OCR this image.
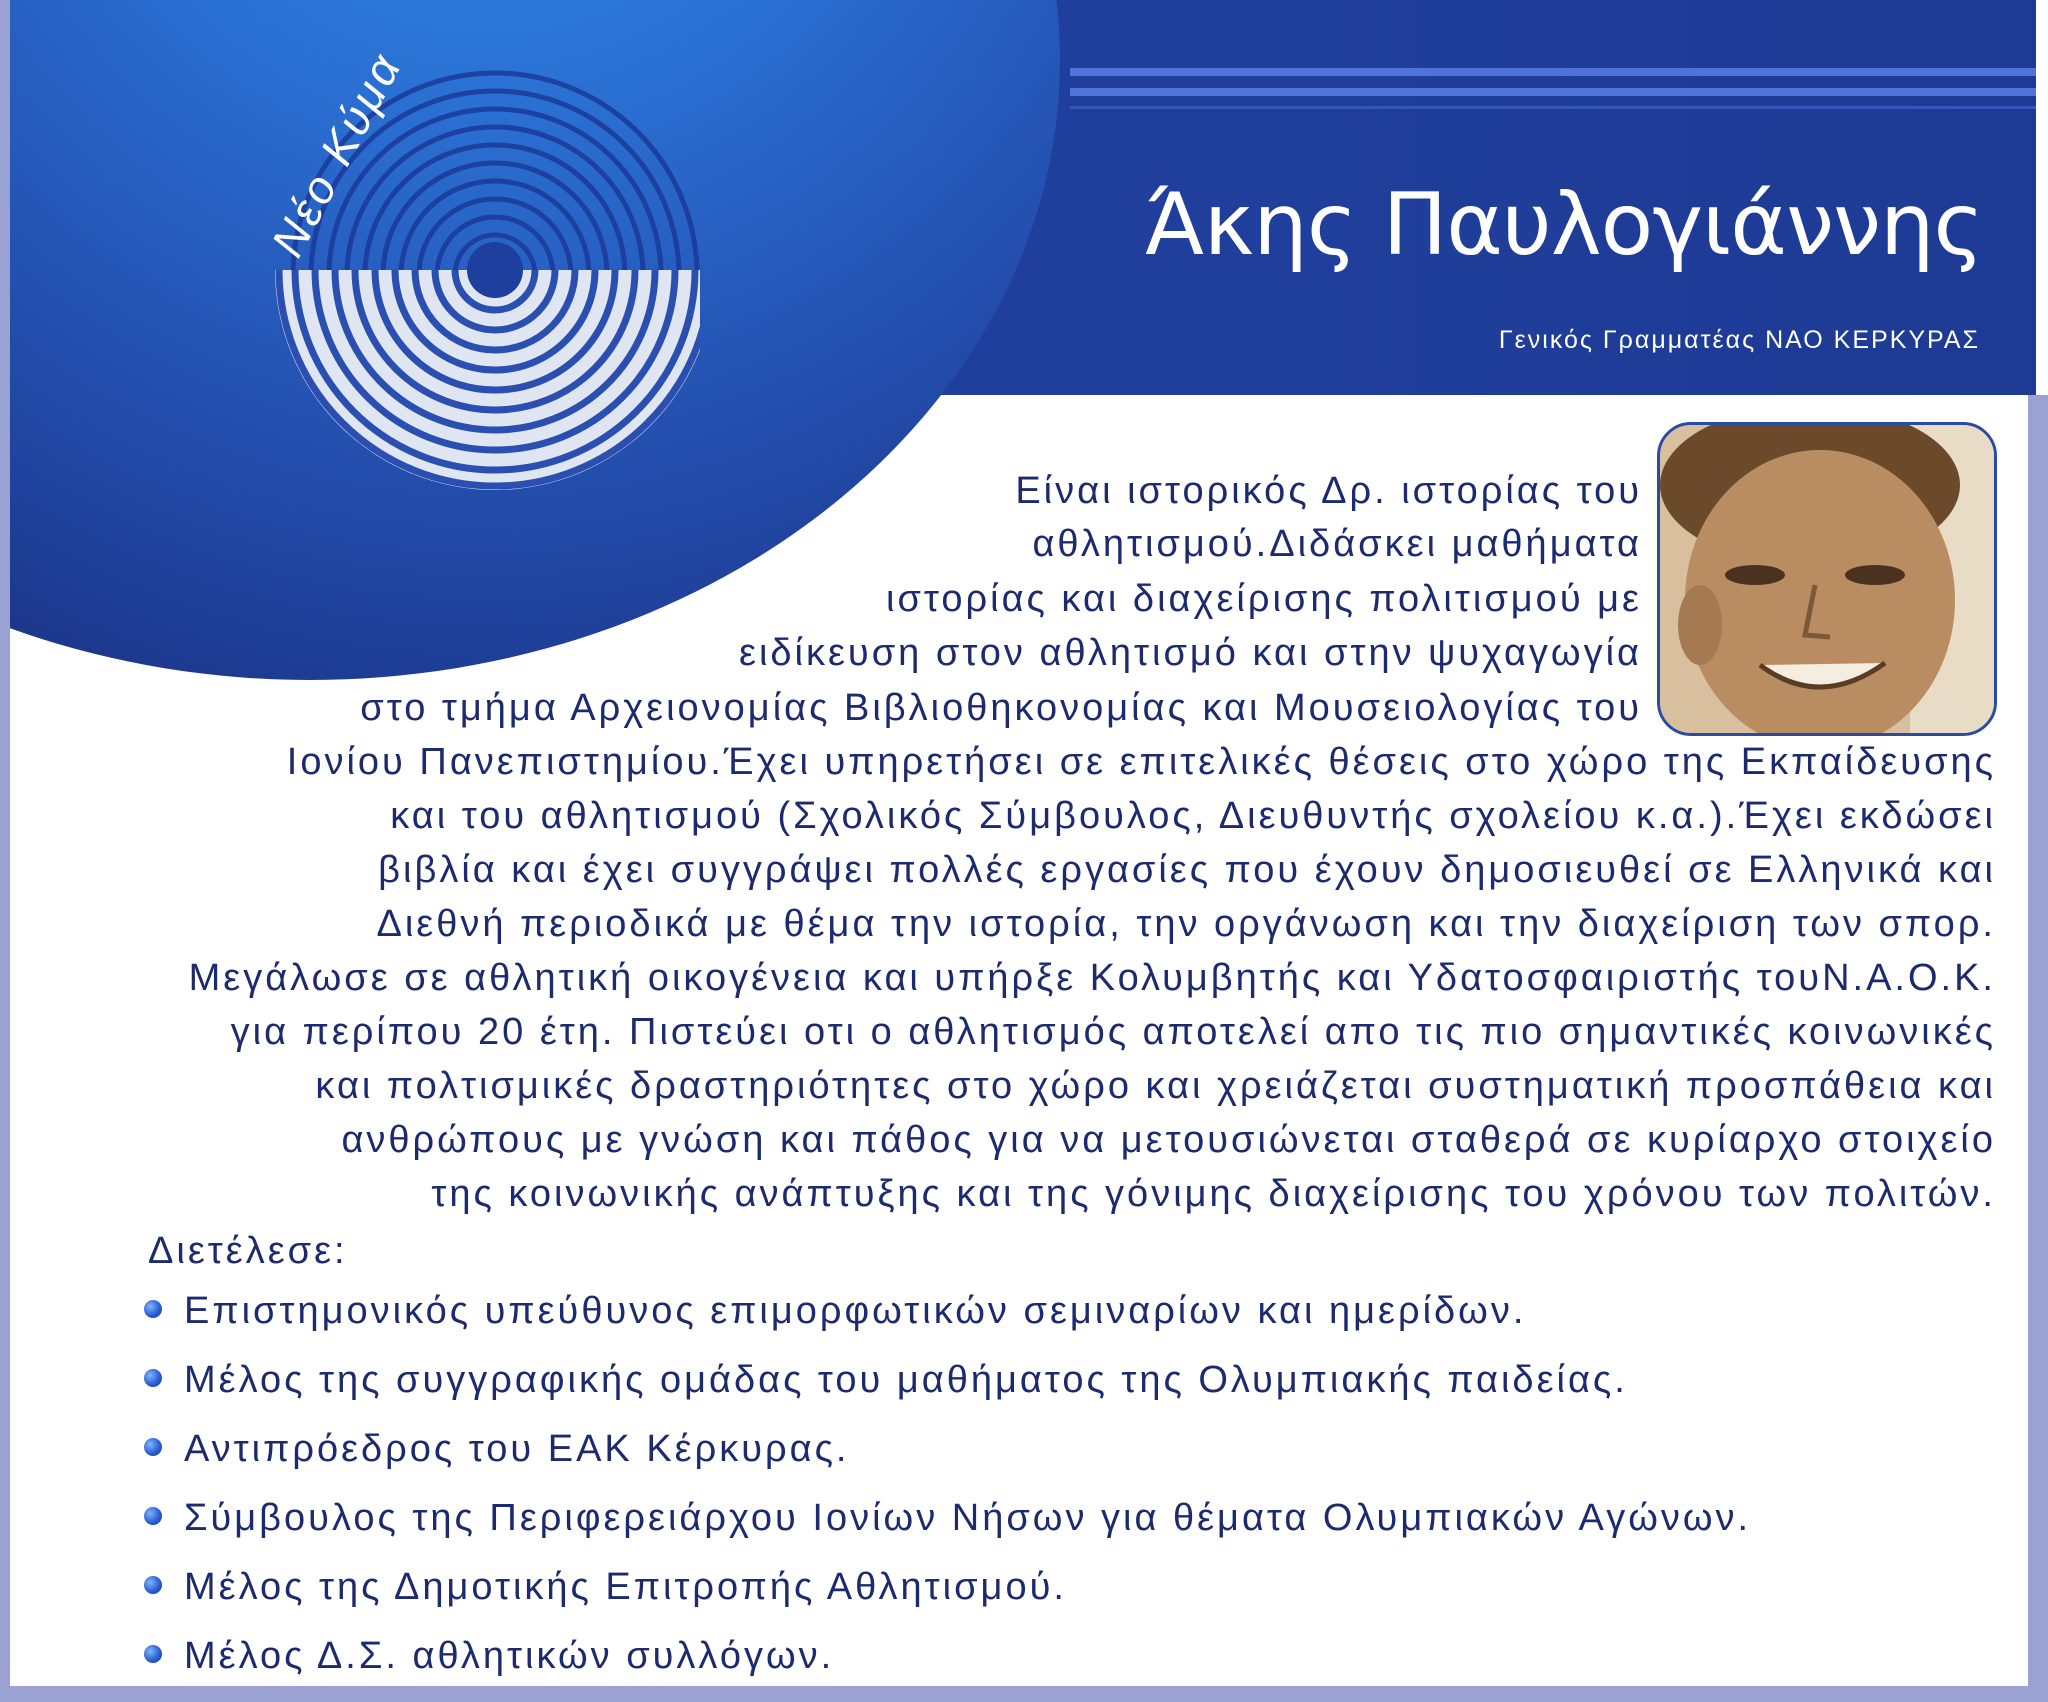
Νέο Κύμα	Άκης Παυλογιάννης
Γενικός Γραμματέας ΝΑΟ ΚΕΡΚΥΡΑΣ
Είναι ιστορικός Δρ. ιστορίας του
αθλητισμού.Διδάσκει μαθήματα
ιστορίας και διαχείρισης πολιτισμού με
ειδίκευση στον αθλητισμό και στην ψυχαγωγία
στο τμήμα Αρχειονομίας Βιβλιοθηκονομίας και Μουσειολογίας του
Ιονίου Πανεπιστημίου.Έχει υπηρετήσει σε επιτελικές θέσεις στο χώρο της Εκπαίδευσης
και του αθλητισμού (Σχολικός Σύμβουλος, Διευθυντής σχολείου κ.α.).Έχει εκδώσει
βιβλία και έχει συγγράψει πολλές εργασίες που έχουν δημοσιευθεί σε Ελληνικά και
Διεθνή περιοδικά με θέμα την ιστορία, την οργάνωση και την διαχείριση των σπορ.
Μεγάλωσε σε αθλητική οικογένεια και υπήρξε Κολυμβητής και Υδατοσφαιριστής τουΝ.Α.Ο.Κ.
για περίπου 20 έτη. Πιστεύει οτι ο αθλητισμός αποτελεί απο τις πιο σημαντικές κοινωνικές
και πολτισμικές δραστηριότητες στο χώρο και χρειάζεται συστηματική προσπάθεια και
ανθρώπους με γνώση και πάθος για να μετουσιώνεται σταθερά σε κυρίαρχο στοιχείο
της κοινωνικής ανάπτυξης και της γόνιμης διαχείρισης του χρόνου των πολιτών.
Διετέλεσε:
Επιστημονικός υπεύθυνος επιμορφωτικών σεμιναρίων και ημερίδων.
Μέλος της συγγραφικής ομάδας του μαθήματος της Ολυμπιακής παιδείας.
Αντιπρόεδρος του ΕΑΚ Κέρκυρας.
Σύμβουλος της Περιφερειάρχου Ιονίων Νήσων για θέματα Ολυμπιακών Αγώνων.
Μέλος της Δημοτικής Επιτροπής Αθλητισμού.
Μέλος Δ.Σ. αθλητικών συλλόγων.
